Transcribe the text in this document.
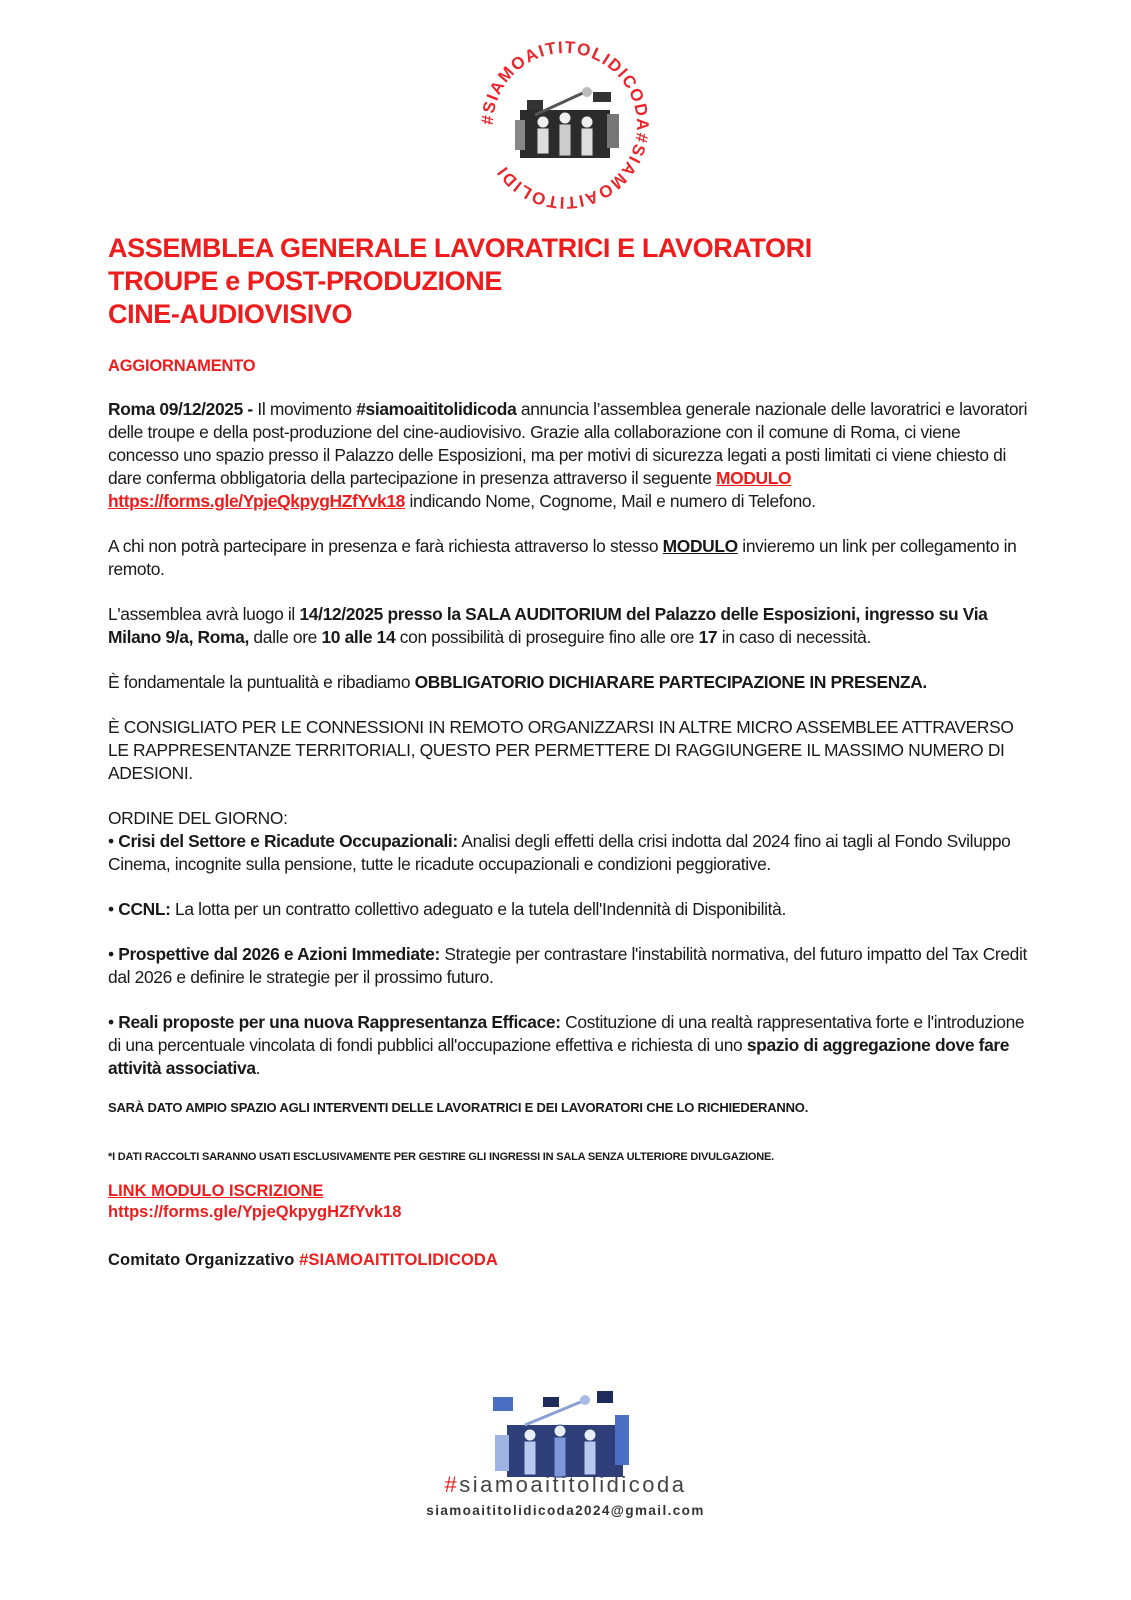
#SIAMOAITITOLIDICODA#SIAMOAITITOLIDI
ASSEMBLEA GENERALE LAVORATRICI E LAVORATORI
TROUPE e POST-PRODUZIONE
CINE-AUDIOVISIVO
AGGIORNAMENTO

Roma 09/12/2025 - Il movimento #siamoaititolidicoda annuncia l’assemblea generale nazionale delle lavoratrici e lavoratori delle troupe e della post-produzione del cine-audiovisivo. Grazie alla collaborazione con il comune di Roma, ci viene concesso uno spazio presso il Palazzo delle Esposizioni, ma per motivi di sicurezza legati a posti limitati ci viene chiesto di dare conferma obbligatoria della partecipazione in presenza attraverso il seguente MODULO https://forms.gle/YpjeQkpygHZfYvk18 indicando Nome, Cognome, Mail e numero di Telefono.

A chi non potrà partecipare in presenza e farà richiesta attraverso lo stesso MODULO invieremo un link per collegamento in remoto.

L'assemblea avrà luogo il 14/12/2025 presso la SALA AUDITORIUM del Palazzo delle Esposizioni, ingresso su Via Milano 9/a, Roma, dalle ore 10 alle 14 con possibilità di proseguire fino alle ore 17 in caso di necessità.

È fondamentale la puntualità e ribadiamo OBBLIGATORIO DICHIARARE PARTECIPAZIONE IN PRESENZA.

È CONSIGLIATO PER LE CONNESSIONI IN REMOTO ORGANIZZARSI IN ALTRE MICRO ASSEMBLEE ATTRAVERSO LE RAPPRESENTANZE TERRITORIALI, QUESTO PER PERMETTERE DI RAGGIUNGERE IL MASSIMO NUMERO DI ADESIONI.

ORDINE DEL GIORNO:

• Crisi del Settore e Ricadute Occupazionali: Analisi degli effetti della crisi indotta dal 2024 fino ai tagli al Fondo Sviluppo Cinema, incognite sulla pensione, tutte le ricadute occupazionali e condizioni peggiorative.

• CCNL: La lotta per un contratto collettivo adeguato e la tutela dell'Indennità di Disponibilità.

• Prospettive dal 2026 e Azioni Immediate: Strategie per contrastare l'instabilità normativa, del futuro impatto del Tax Credit dal 2026 e definire le strategie per il prossimo futuro.

• Reali proposte per una nuova Rappresentanza Efficace: Costituzione di una realtà rappresentativa forte e l'introduzione di una percentuale vincolata di fondi pubblici all'occupazione effettiva e richiesta di uno spazio di aggregazione dove fare attività associativa.

SARÀ DATO AMPIO SPAZIO AGLI INTERVENTI DELLE LAVORATRICI E DEI LAVORATORI CHE LO RICHIEDERANNO.

*I DATI RACCOLTI SARANNO USATI ESCLUSIVAMENTE PER GESTIRE GLI INGRESSI IN SALA SENZA ULTERIORE DIVULGAZIONE.

LINK MODULO ISCRIZIONE
https://forms.gle/YpjeQkpygHZfYvk18
Comitato Organizzativo #SIAMOAITITOLIDICODA
#siamoaititolidicoda
siamoaititolidicoda2024@gmail.com
